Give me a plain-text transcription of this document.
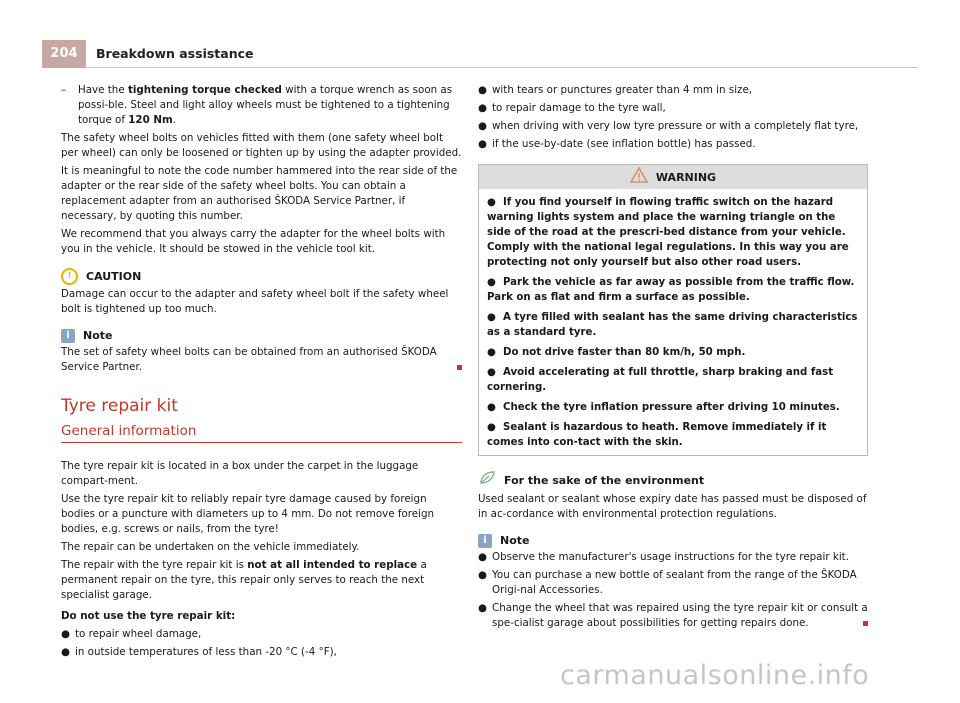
204	Breakdown assistance
– Have the tightening torque checked with a torque wrench as soon as possi-ble. Steel and light alloy wheels must be tightened to a tightening torque of 120 Nm.

The safety wheel bolts on vehicles fitted with them (one safety wheel bolt per wheel) can only be loosened or tighten up by using the adapter provided.

It is meaningful to note the code number hammered into the rear side of the adapter or the rear side of the safety wheel bolts. You can obtain a replacement adapter from an authorised ŠKODA Service Partner, if necessary, by quoting this number.

We recommend that you always carry the adapter for the wheel bolts with you in the vehicle. It should be stowed in the vehicle tool kit.

!	CAUTION

Damage can occur to the adapter and safety wheel bolt if the safety wheel bolt is tightened up too much.

i	Note

The set of safety wheel bolts can be obtained from an authorised ŠKODA Service Partner.

Tyre repair kit
General information

The tyre repair kit is located in a box under the carpet in the luggage compart-ment.

Use the tyre repair kit to reliably repair tyre damage caused by foreign bodies or a puncture with diameters up to 4 mm. Do not remove foreign bodies, e.g. screws or nails, from the tyre!

The repair can be undertaken on the vehicle immediately.

The repair with the tyre repair kit is not at all intended to replace a permanent repair on the tyre, this repair only serves to reach the next specialist garage.

Do not use the tyre repair kit:

● to repair wheel damage,
● in outside temperatures of less than -20 °C (-4 °F),
● with tears or punctures greater than 4 mm in size,
● to repair damage to the tyre wall,
● when driving with very low tyre pressure or with a completely flat tyre,
● if the use-by-date (see inflation bottle) has passed.
WARNING

● If you find yourself in flowing traffic switch on the hazard warning lights system and place the warning triangle on the side of the road at the prescri-bed distance from your vehicle. Comply with the national legal regulations. In this way you are protecting not only yourself but also other road users.

● Park the vehicle as far away as possible from the traffic flow. Park on as flat and firm a surface as possible.

● A tyre filled with sealant has the same driving characteristics as a standard tyre.

● Do not drive faster than 80 km/h, 50 mph.

● Avoid accelerating at full throttle, sharp braking and fast cornering.

● Check the tyre inflation pressure after driving 10 minutes.

● Sealant is hazardous to heath. Remove immediately if it comes into con-tact with the skin.

For the sake of the environment

Used sealant or sealant whose expiry date has passed must be disposed of in ac-cordance with environmental protection regulations.

i	Note
● Observe the manufacturer's usage instructions for the tyre repair kit.
● You can purchase a new bottle of sealant from the range of the ŠKODA Origi-nal Accessories.
● Change the wheel that was repaired using the tyre repair kit or consult a spe-cialist garage about possibilities for getting repairs done.
carmanualsonline.info
